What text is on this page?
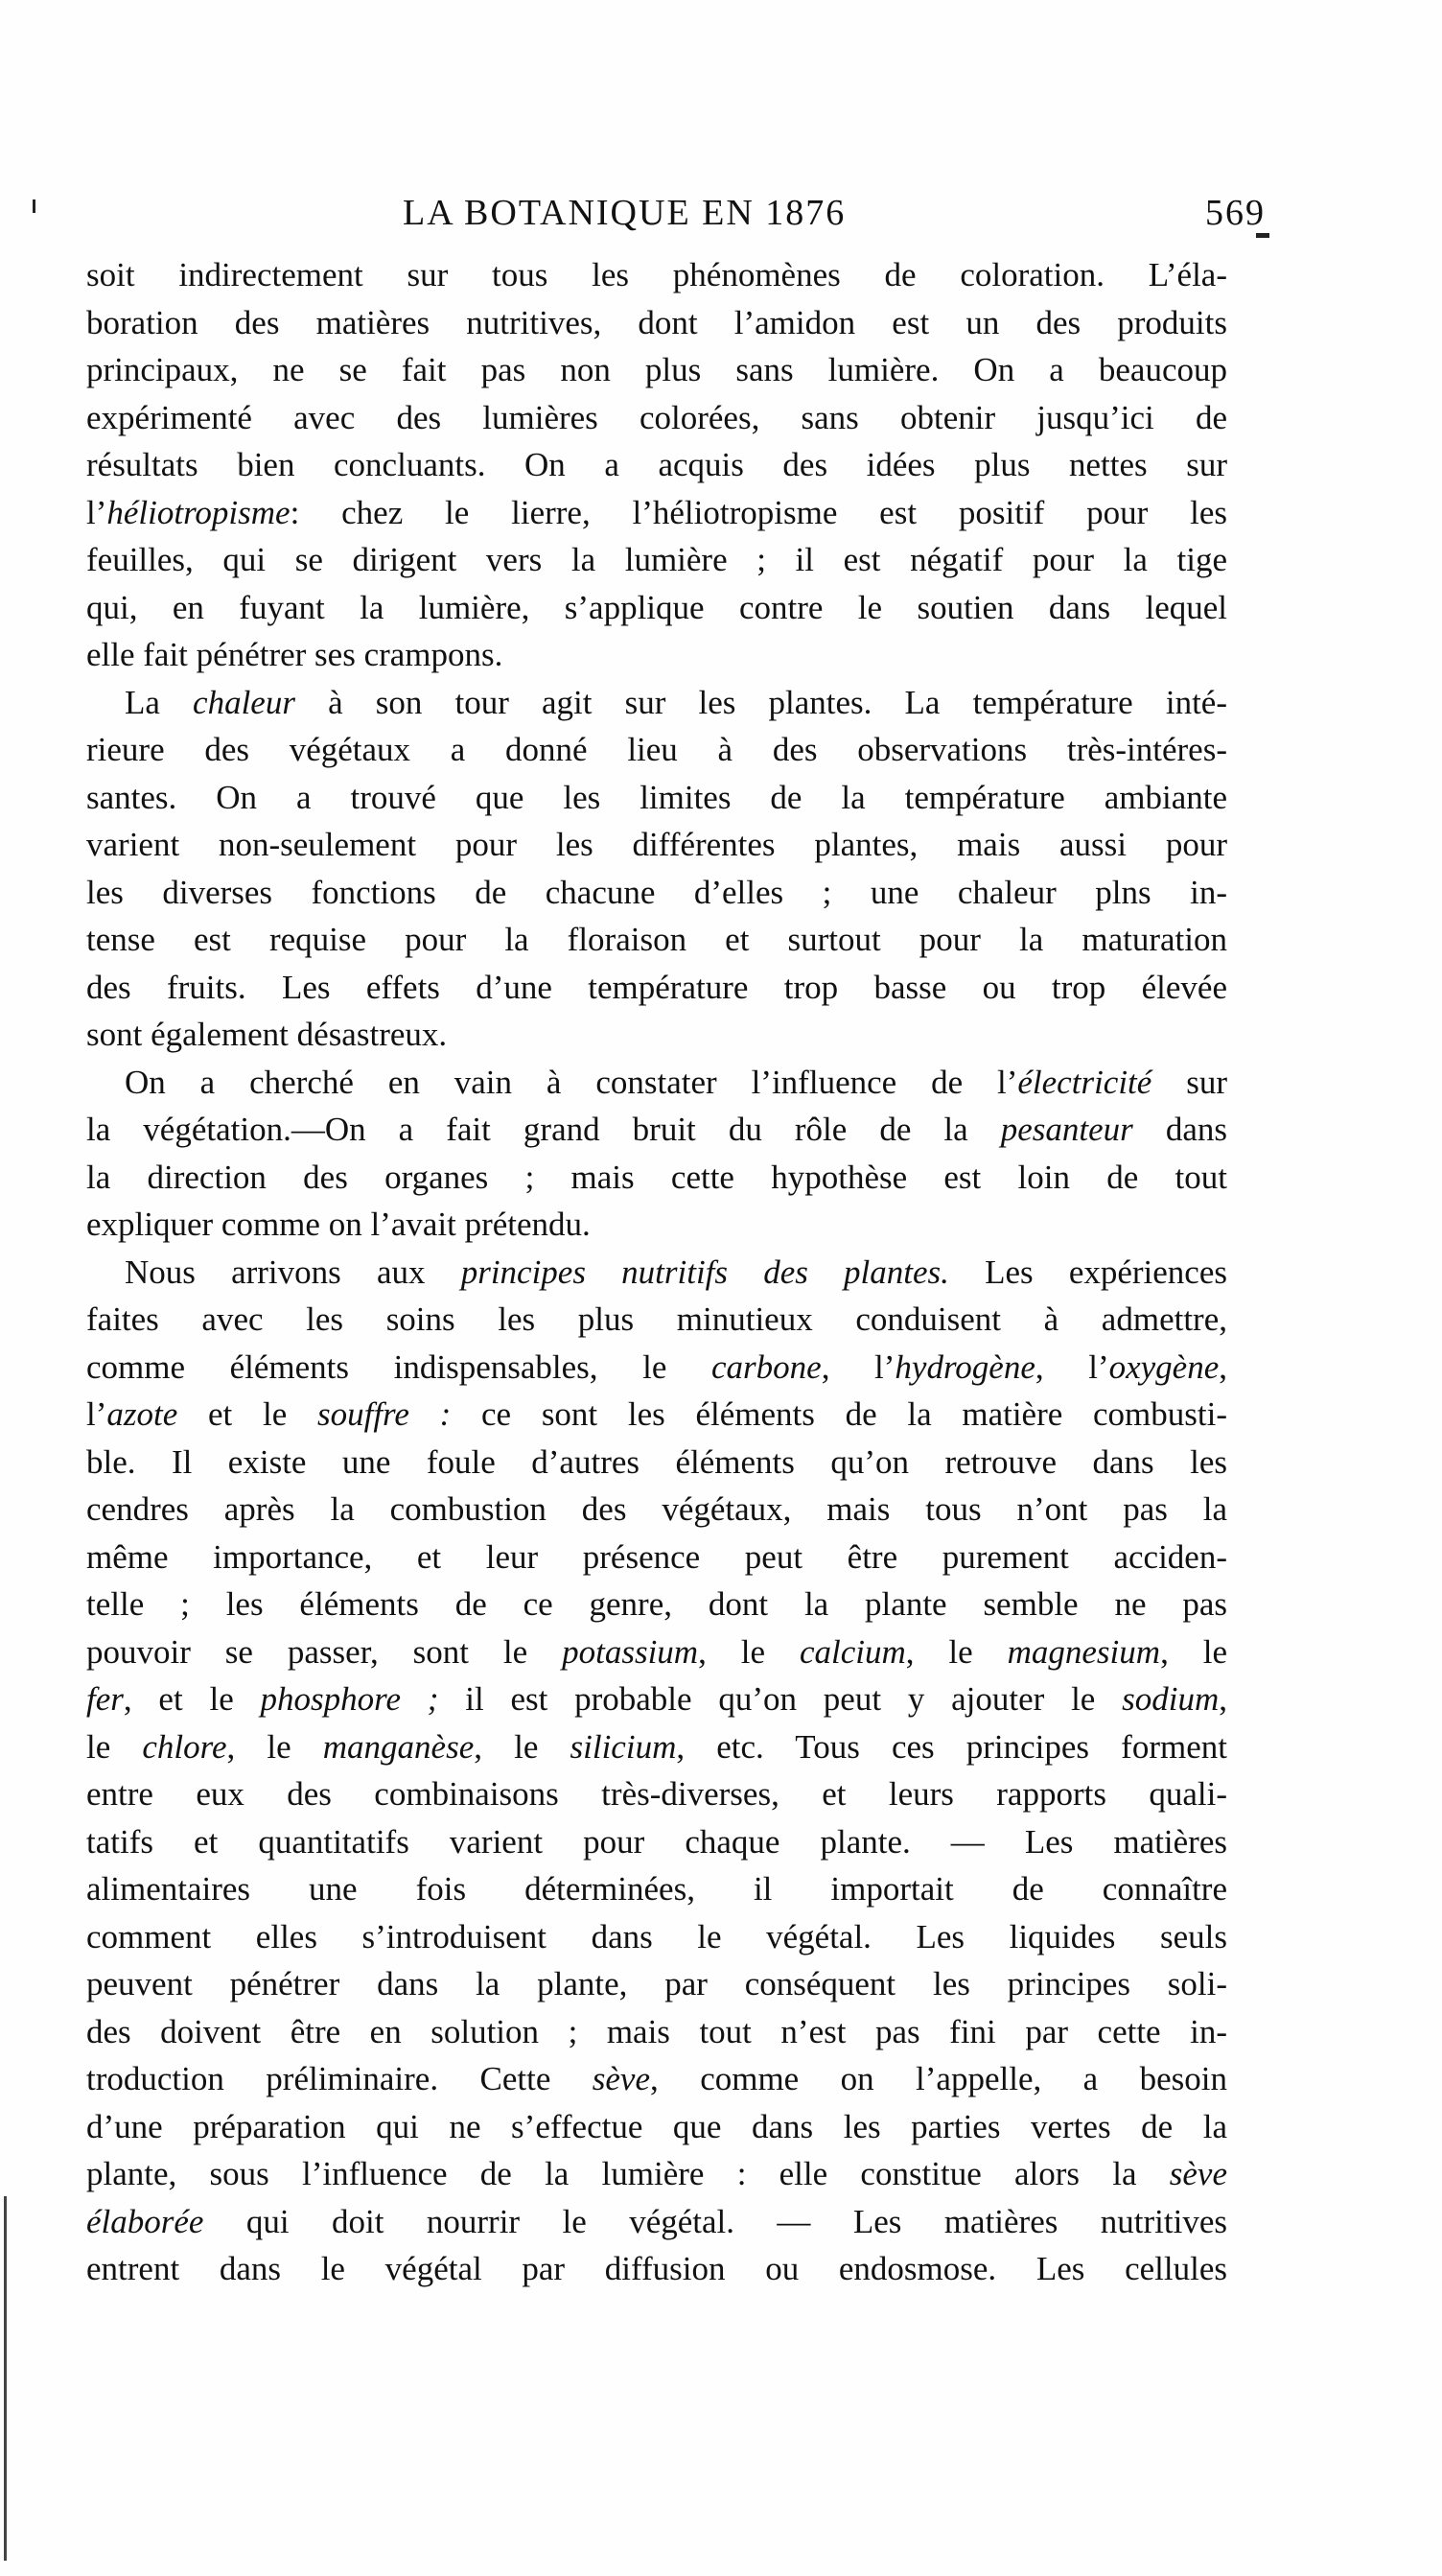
LA BOTANIQUE EN 1876	569
soit indirectement sur tous les phénomènes de coloration. L’éla-
boration des matières nutritives, dont l’amidon est un des produits
principaux, ne se fait pas non plus sans lumière. On a beaucoup
expérimenté avec des lumières colorées, sans obtenir jusqu’ici de
résultats bien concluants. On a acquis des idées plus nettes sur
l’héliotropisme: chez le lierre, l’héliotropisme est positif pour les
feuilles, qui se dirigent vers la lumière ; il est négatif pour la tige
qui, en fuyant la lumière, s’applique contre le soutien dans lequel
elle fait pénétrer ses crampons.
La chaleur à son tour agit sur les plantes. La température inté-
rieure des végétaux a donné lieu à des observations très-intéres-
santes. On a trouvé que les limites de la température ambiante
varient non-seulement pour les différentes plantes, mais aussi pour
les diverses fonctions de chacune d’elles ; une chaleur plns in-
tense est requise pour la floraison et surtout pour la maturation
des fruits. Les effets d’une température trop basse ou trop élevée
sont également désastreux.
On a cherché en vain à constater l’influence de l’électricité sur
la végétation.—On a fait grand bruit du rôle de la pesanteur dans
la direction des organes ; mais cette hypothèse est loin de tout
expliquer comme on l’avait prétendu.
Nous arrivons aux principes nutritifs des plantes. Les expériences
faites avec les soins les plus minutieux conduisent à admettre,
comme éléments indispensables, le carbone, l’hydrogène, l’oxygène,
l’azote et le souffre : ce sont les éléments de la matière combusti-
ble. Il existe une foule d’autres éléments qu’on retrouve dans les
cendres après la combustion des végétaux, mais tous n’ont pas la
même importance, et leur présence peut être purement acciden-
telle ; les éléments de ce genre, dont la plante semble ne pas
pouvoir se passer, sont le potassium, le calcium, le magnesium, le
fer, et le phosphore ; il est probable qu’on peut y ajouter le sodium,
le chlore, le manganèse, le silicium, etc. Tous ces principes forment
entre eux des combinaisons très-diverses, et leurs rapports quali-
tatifs et quantitatifs varient pour chaque plante. — Les matières
alimentaires une fois déterminées, il importait de connaître
comment elles s’introduisent dans le végétal. Les liquides seuls
peuvent pénétrer dans la plante, par conséquent les principes soli-
des doivent être en solution ; mais tout n’est pas fini par cette in-
troduction préliminaire. Cette sève, comme on l’appelle, a besoin
d’une préparation qui ne s’effectue que dans les parties vertes de la
plante, sous l’influence de la lumière : elle constitue alors la sève
élaborée qui doit nourrir le végétal. — Les matières nutritives
entrent dans le végétal par diffusion ou endosmose. Les cellules
